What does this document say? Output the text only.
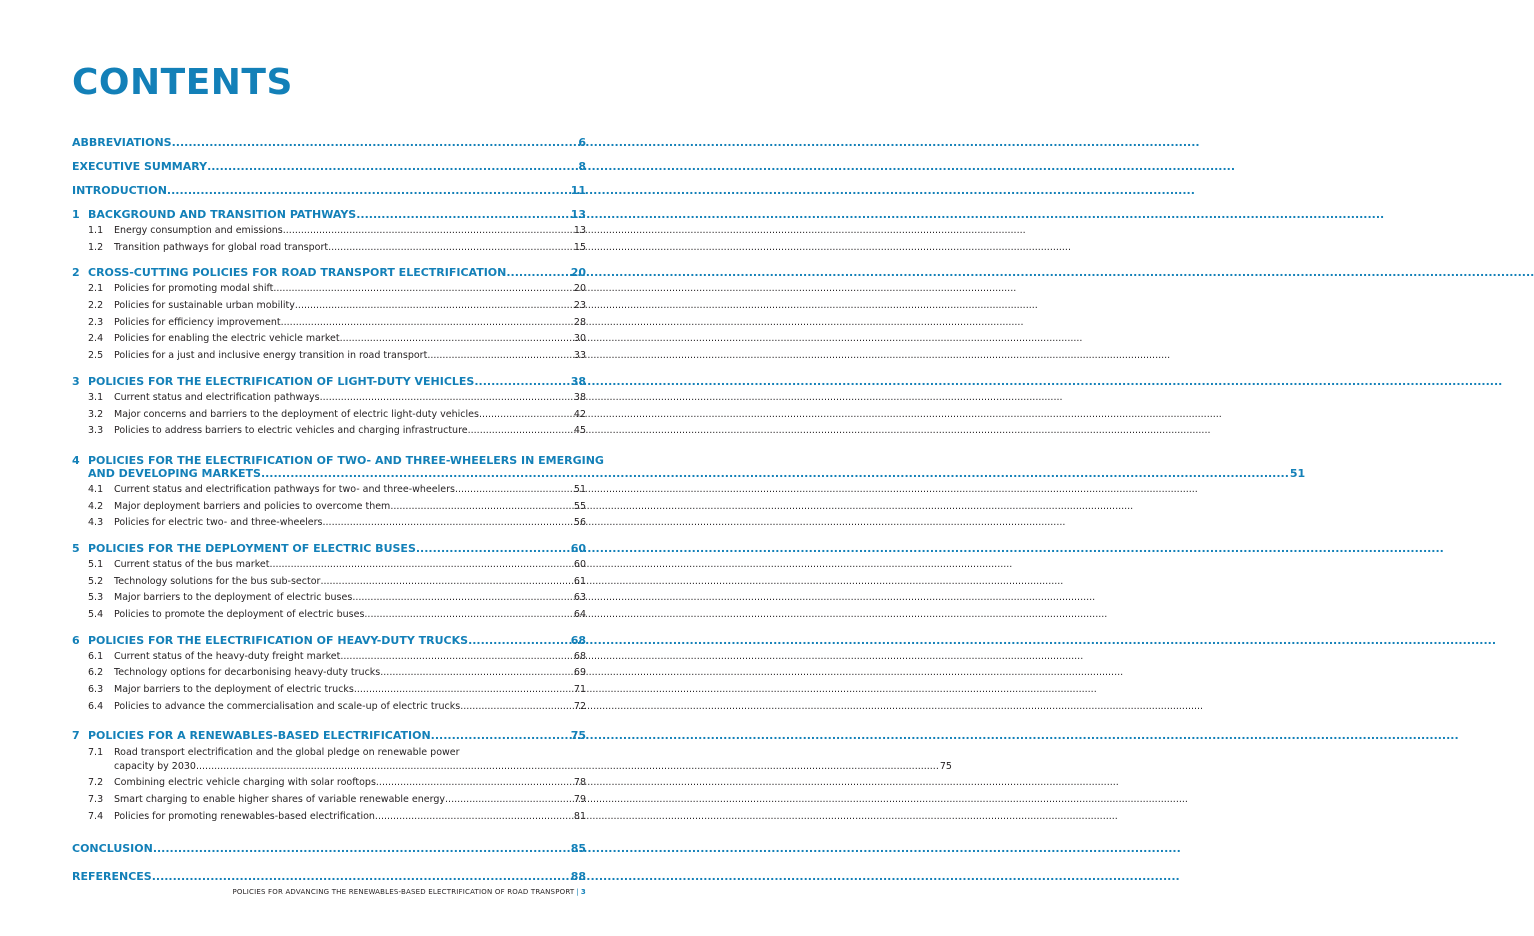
CONTENTS
ABBREVIATIONS .....	6
EXECUTIVE SUMMARY .....	8
INTRODUCTION .....	11
1 BACKGROUND AND TRANSITION PATHWAYS .....	13
1.1	Energy consumption and emissions .....	13
1.2	Transition pathways for global road transport .....	15
2 CROSS-CUTTING POLICIES FOR ROAD TRANSPORT ELECTRIFICATION .....	20
2.1	Policies for promoting modal shift .....	20
2.2	Policies for sustainable urban mobility .....	23
2.3	Policies for efficiency improvement .....	28
2.4	Policies for enabling the electric vehicle market .....	30
2.5	Policies for a just and inclusive energy transition in road transport .....	33
3 POLICIES FOR THE ELECTRIFICATION OF LIGHT-DUTY VEHICLES .....	38
3.1	Current status and electrification pathways .....	38
3.2	Major concerns and barriers to the deployment of electric light-duty vehicles .....	42
3.3	Policies to address barriers to electric vehicles and charging infrastructure .....	45
4 POLICIES FOR THE ELECTRIFICATION OF TWO- AND THREE-WHEELERS IN EMERGING
AND DEVELOPING MARKETS .....	51
4.1	Current status and electrification pathways for two- and three-wheelers .....	51
4.2	Major deployment barriers and policies to overcome them .....	55
4.3	Policies for electric two- and three-wheelers .....	56
5 POLICIES FOR THE DEPLOYMENT OF ELECTRIC BUSES .....	60
5.1	Current status of the bus market .....	60
5.2	Technology solutions for the bus sub-sector .....	61
5.3	Major barriers to the deployment of electric buses .....	63
5.4	Policies to promote the deployment of electric buses .....	64
6 POLICIES FOR THE ELECTRIFICATION OF HEAVY-DUTY TRUCKS .....	68
6.1	Current status of the heavy-duty freight market .....	68
6.2	Technology options for decarbonising heavy-duty trucks .....	69
6.3	Major barriers to the deployment of electric trucks .....	71
6.4	Policies to advance the commercialisation and scale-up of electric trucks .....	72
7 POLICIES FOR A RENEWABLES-BASED ELECTRIFICATION .....	75
7.1	Road transport electrification and the global pledge on renewable power
capacity by 2030 .....	75
7.2	Combining electric vehicle charging with solar rooftops .....	78
7.3	Smart charging to enable higher shares of variable renewable energy .....	79
7.4	Policies for promoting renewables-based electrification .....	81
CONCLUSION .....	85
REFERENCES .....	88
POLICIES FOR ADVANCING THE RENEWABLES-BASED ELECTRIFICATION OF ROAD TRANSPORT | 3
